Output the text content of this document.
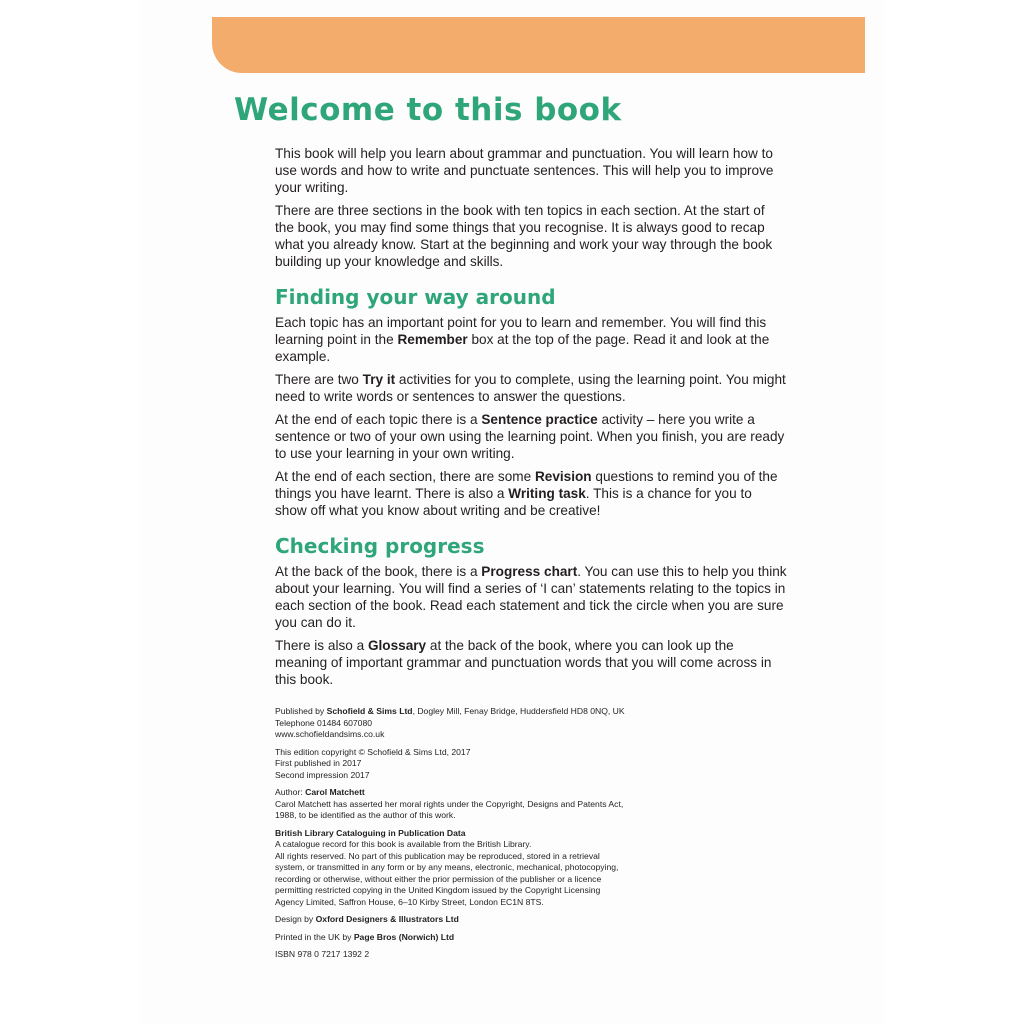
Welcome to this book

This book will help you learn about grammar and punctuation. You will learn how to use words and how to write and punctuate sentences. This will help you to improve your writing.

There are three sections in the book with ten topics in each section. At the start of the book, you may find some things that you recognise. It is always good to recap what you already know. Start at the beginning and work your way through the book building up your knowledge and skills.

Finding your way around

Each topic has an important point for you to learn and remember. You will find this learning point in the Remember box at the top of the page. Read it and look at the example.

There are two Try it activities for you to complete, using the learning point. You might need to write words or sentences to answer the questions.

At the end of each topic there is a Sentence practice activity – here you write a sentence or two of your own using the learning point. When you finish, you are ready to use your learning in your own writing.

At the end of each section, there are some Revision questions to remind you of the things you have learnt. There is also a Writing task. This is a chance for you to show off what you know about writing and be creative!

Checking progress

At the back of the book, there is a Progress chart. You can use this to help you think about your learning. You will find a series of ‘I can’ statements relating to the topics in each section of the book. Read each statement and tick the circle when you are sure you can do it.

There is also a Glossary at the back of the book, where you can look up the meaning of important grammar and punctuation words that you will come across in this book.

Published by Schofield & Sims Ltd, Dogley Mill, Fenay Bridge, Huddersfield HD8 0NQ, UK
Telephone 01484 607080
www.schofieldandsims.co.uk
This edition copyright © Schofield & Sims Ltd, 2017
First published in 2017
Second impression 2017
Author: Carol Matchett
Carol Matchett has asserted her moral rights under the Copyright, Designs and Patents Act,
1988, to be identified as the author of this work.
British Library Cataloguing in Publication Data
A catalogue record for this book is available from the British Library.
All rights reserved. No part of this publication may be reproduced, stored in a retrieval
system, or transmitted in any form or by any means, electronic, mechanical, photocopying,
recording or otherwise, without either the prior permission of the publisher or a licence
permitting restricted copying in the United Kingdom issued by the Copyright Licensing
Agency Limited, Saffron House, 6–10 Kirby Street, London EC1N 8TS.
Design by Oxford Designers & Illustrators Ltd
Printed in the UK by Page Bros (Norwich) Ltd
ISBN 978 0 7217 1392 2
